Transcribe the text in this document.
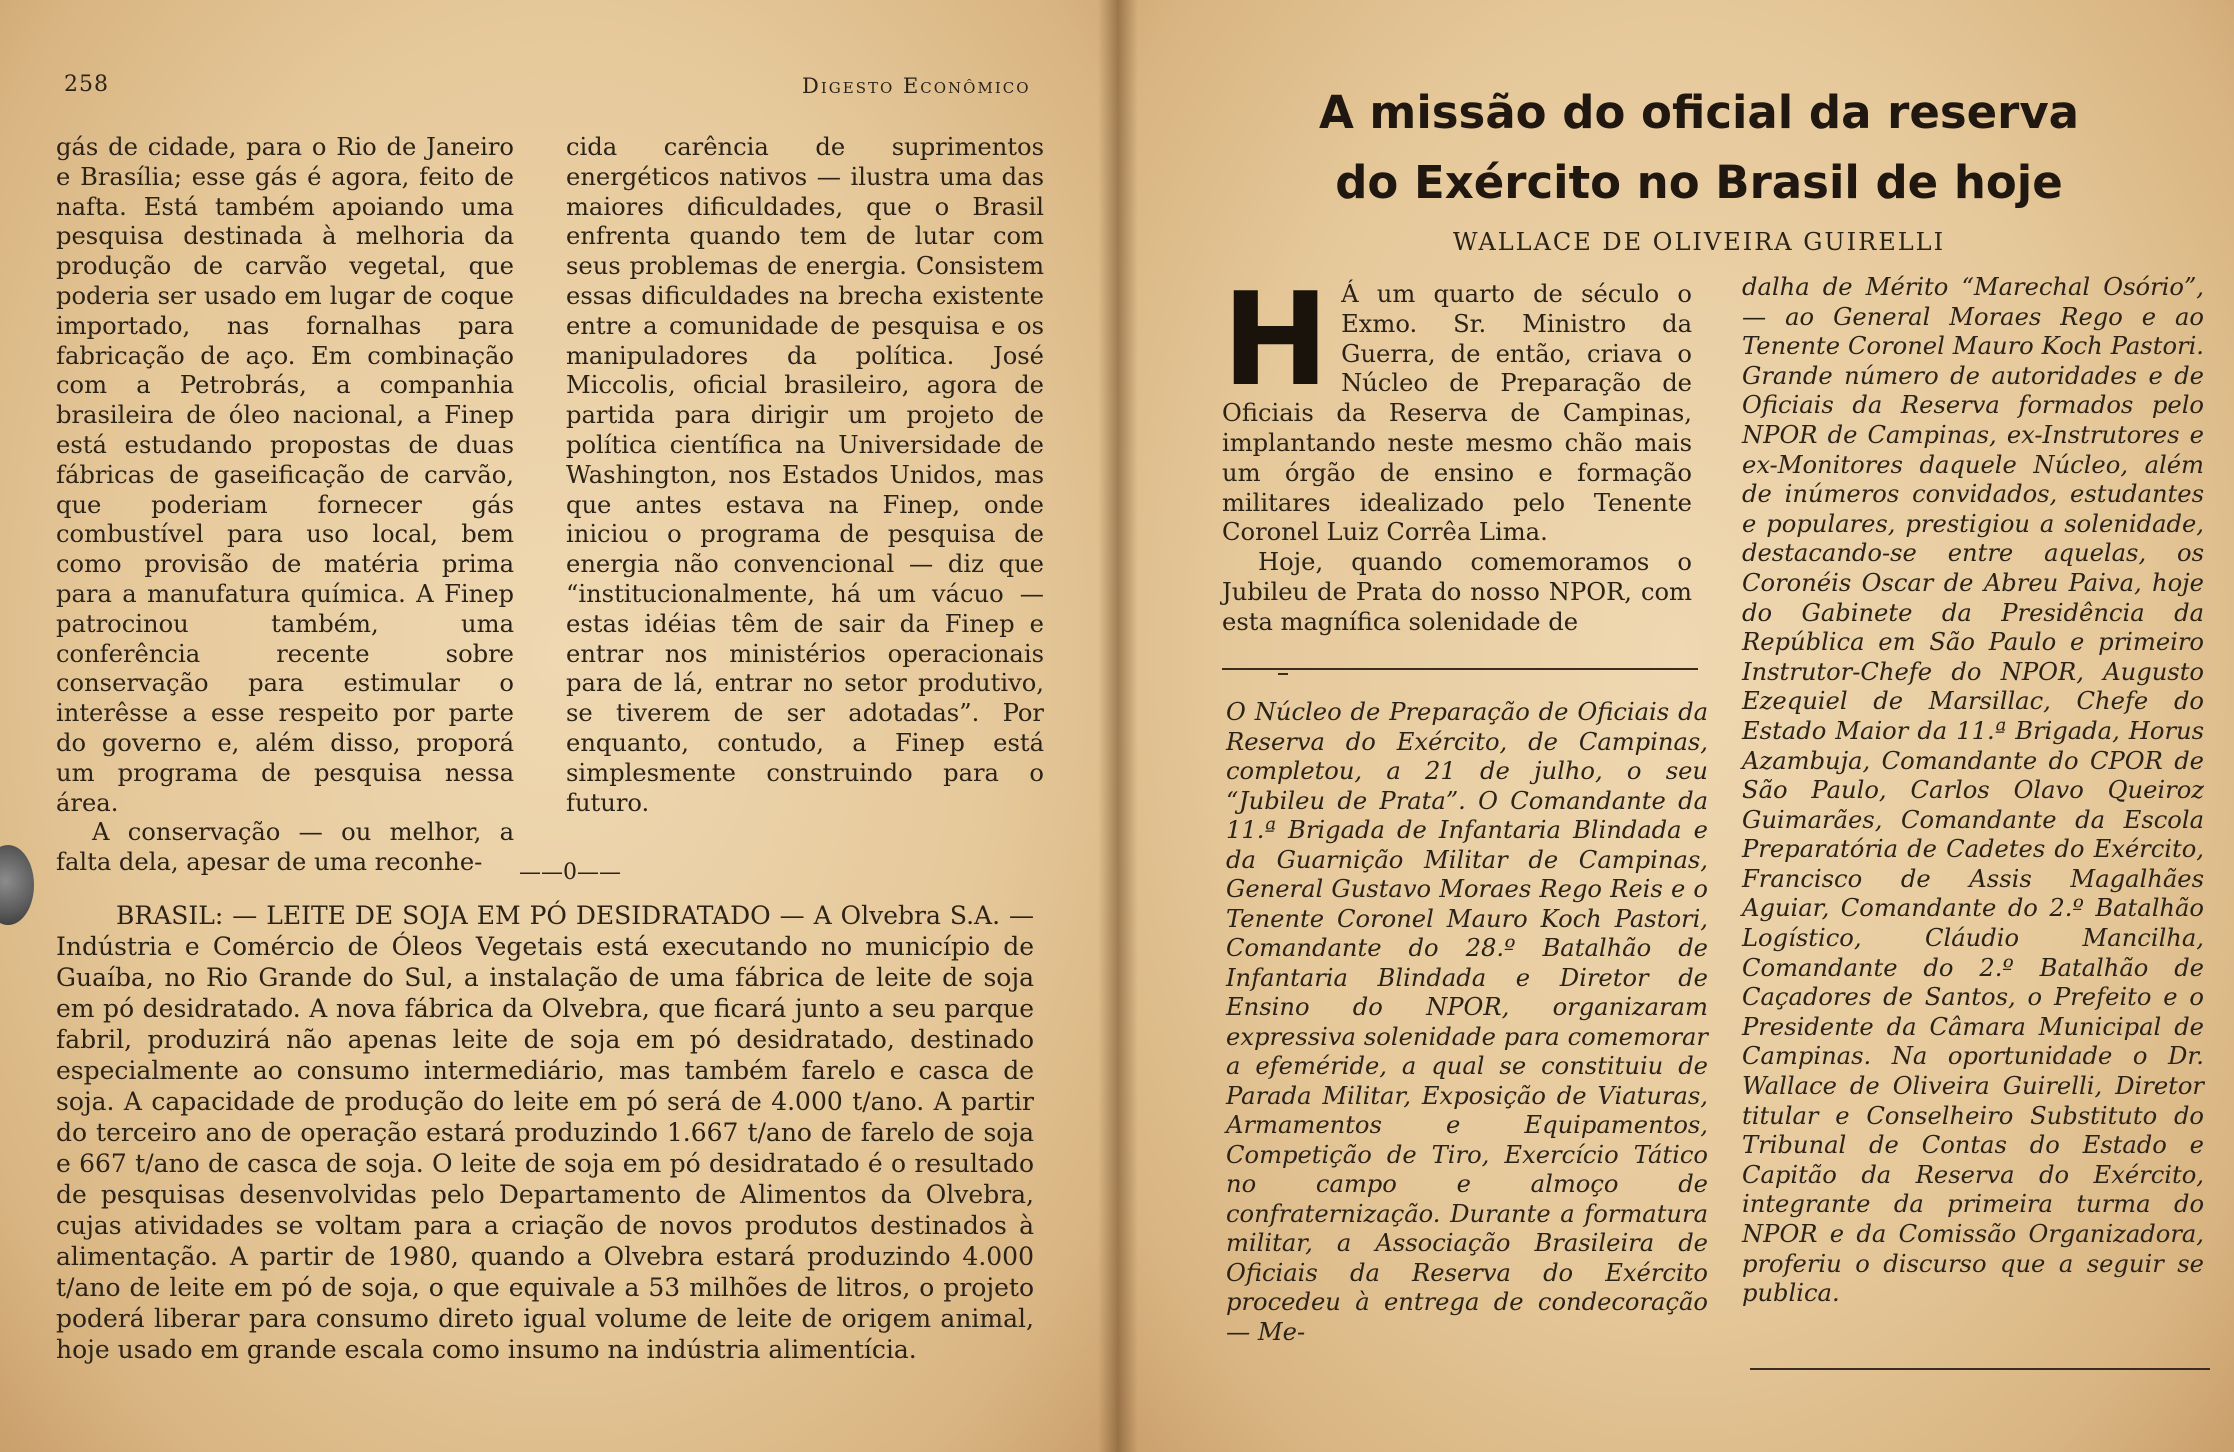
258	Digesto Econômico

gás de cidade, para o Rio de Janeiro e Brasília; esse gás é agora, feito de nafta. Está também apoiando uma pesquisa destinada à melhoria da produção de carvão vegetal, que poderia ser usado em lugar de coque importado, nas fornalhas para fabricação de aço. Em combinação com a Petrobrás, a companhia brasileira de óleo nacional, a Finep está estudando propostas de duas fábricas de gaseificação de carvão, que poderiam fornecer gás combustível para uso local, bem como provisão de matéria prima para a manufatura química. A Finep patrocinou também, uma conferência recente sobre conservação para estimular o interêsse a esse respeito por parte do governo e, além disso, proporá um programa de pesquisa nessa área.

A conservação — ou melhor, a falta dela, apesar de uma reconhe-

cida carência de suprimentos energéticos nativos — ilustra uma das maiores dificuldades, que o Brasil enfrenta quando tem de lutar com seus problemas de energia. Consistem essas dificuldades na brecha existente entre a comunidade de pesquisa e os manipuladores da política. José Miccolis, oficial brasileiro, agora de partida para dirigir um projeto de política científica na Universidade de Washington, nos Estados Unidos, mas que antes estava na Finep, onde iniciou o programa de pesquisa de energia não convencional — diz que “institucionalmente, há um vácuo — estas idéias têm de sair da Finep e entrar nos ministérios operacionais para de lá, entrar no setor produtivo, se tiverem de ser adotadas”. Por enquanto, contudo, a Finep está simplesmente construindo para o futuro.

——0——

BRASIL: — LEITE DE SOJA EM PÓ DESIDRATADO — A Olvebra S.A. — Indústria e Comércio de Óleos Vegetais está executando no município de Guaíba, no Rio Grande do Sul, a instalação de uma fábrica de leite de soja em pó desidratado. A nova fábrica da Olvebra, que ficará junto a seu parque fabril, produzirá não apenas leite de soja em pó desidratado, destinado especialmente ao consumo intermediário, mas também farelo e casca de soja. A capacidade de produção do leite em pó será de 4.000 t/ano. A partir do terceiro ano de operação estará produzindo 1.667 t/ano de farelo de soja e 667 t/ano de casca de soja. O leite de soja em pó desidratado é o resultado de pesquisas desenvolvidas pelo Departamento de Alimentos da Olvebra, cujas atividades se voltam para a criação de novos produtos destinados à alimentação. A partir de 1980, quando a Olvebra estará produzindo 4.000 t/ano de leite em pó de soja, o que equivale a 53 milhões de litros, o projeto poderá liberar para consumo direto igual volume de leite de origem animal, hoje usado em grande escala como insumo na indústria alimentícia.

A missão do oficial da reserva
do Exército no Brasil de hoje
WALLACE DE OLIVEIRA GUIRELLI

H Á um quarto de século o Exmo. Sr. Ministro da Guerra, de então, criava o Núcleo de Preparação de Oficiais da Reserva de Campinas, implantando neste mesmo chão mais um órgão de ensino e formação militares idealizado pelo Tenente Coronel Luiz Corrêa Lima.

Hoje, quando comemoramos o Jubileu de Prata do nosso NPOR, com esta magnífica solenidade de

O Núcleo de Preparação de Oficiais da Reserva do Exército, de Campinas, completou, a 21 de julho, o seu “Jubileu de Prata”. O Comandante da 11.ª Brigada de Infantaria Blindada e da Guarnição Militar de Campinas, General Gustavo Moraes Rego Reis e o Tenente Coronel Mauro Koch Pastori, Comandante do 28.º Batalhão de Infantaria Blindada e Diretor de Ensino do NPOR, organizaram expressiva solenidade para comemorar a efeméride, a qual se constituiu de Parada Militar, Exposição de Viaturas, Armamentos e Equipamentos, Competição de Tiro, Exercício Tático no campo e almoço de confraternização. Durante a formatura militar, a Associação Brasileira de Oficiais da Reserva do Exército procedeu à entrega de condecoração — Me-

dalha de Mérito “Marechal Osório”, — ao General Moraes Rego e ao Tenente Coronel Mauro Koch Pastori. Grande número de autoridades e de Oficiais da Reserva formados pelo NPOR de Campinas, ex-Instrutores e ex-Monitores daquele Núcleo, além de inúmeros convidados, estudantes e populares, prestigiou a solenidade, destacando-se entre aquelas, os Coronéis Oscar de Abreu Paiva, hoje do Gabinete da Presidência da República em São Paulo e primeiro Instrutor-Chefe do NPOR, Augusto Ezequiel de Marsillac, Chefe do Estado Maior da 11.ª Brigada, Horus Azambuja, Comandante do CPOR de São Paulo, Carlos Olavo Queiroz Guimarães, Comandante da Escola Preparatória de Cadetes do Exército, Francisco de Assis Magalhães Aguiar, Comandante do 2.º Batalhão Logístico, Cláudio Mancilha, Comandante do 2.º Batalhão de Caçadores de Santos, o Prefeito e o Presidente da Câmara Municipal de Campinas. Na oportunidade o Dr. Wallace de Oliveira Guirelli, Diretor titular e Conselheiro Substituto do Tribunal de Contas do Estado e Capitão da Reserva do Exército, integrante da primeira turma do NPOR e da Comissão Organizadora, proferiu o discurso que a seguir se publica.
